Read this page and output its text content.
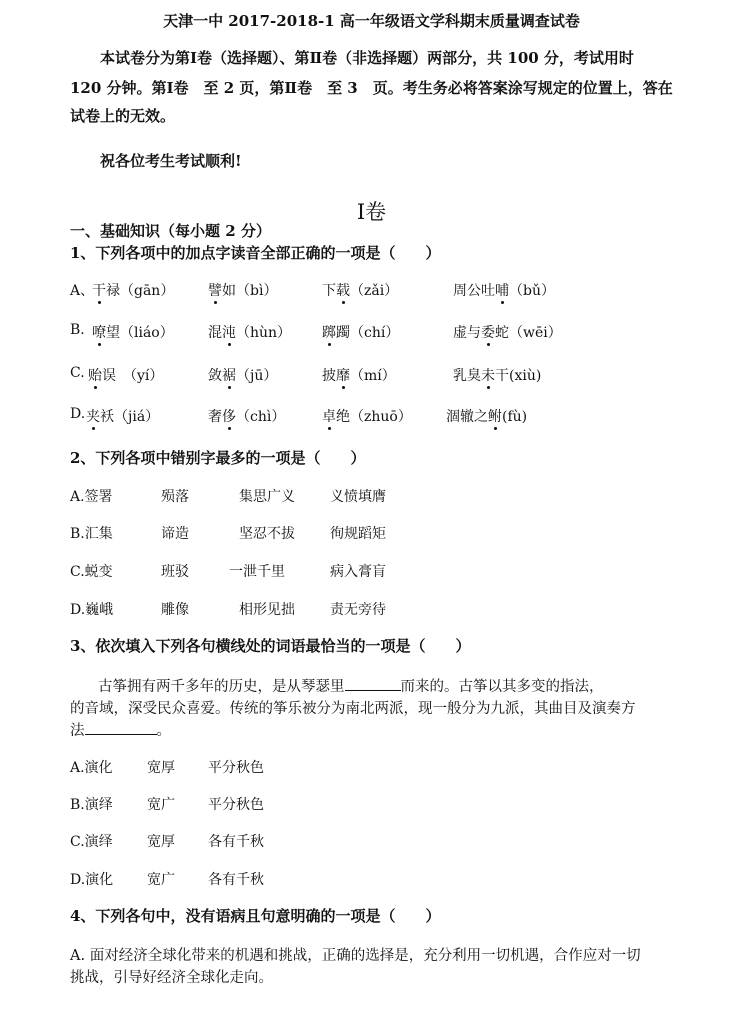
天津一中 2017-2018-1 高一年级语文学科期末质量调查试卷
本试卷分为第Ⅰ卷（选择题）、第Ⅱ卷（非选择题）两部分，共 100 分，考试用时
120 分钟。第Ⅰ卷　至 2 页，第Ⅱ卷　至 3　页。考生务必将答案涂写规定的位置上，答在
试卷上的无效。
祝各位考生考试顺利!
Ⅰ卷
一、基础知识（每小题 2 分）
1、下列各项中的加点字读音全部正确的一项是（　　）
A、
干禄（gān） 譬如（bì）	下载（zǎi）	周公吐哺（bǔ）
B. 嘹望（liáo） 混沌（hùn） 踯躅（chí）	虚与委蛇（wēi）
C. 贻误　（yí）	敛裾（jū）	披靡（mí）	乳臭未干(xiù)
D. 夹袄（jiá）	奢侈（chì）	卓绝（zhuō） 涸辙之鲋(fù)
2、下列各项中错别字最多的一项是（　　）
A.签署	殒落	集思广义	义愤填膺
B.汇集	谛造	坚忍不拔	徇规蹈矩
C.蜕变	班驳	一泄千里	病入膏肓
D.巍峨	雕像	相形见拙	责无旁待
3、依次填入下列各句横线处的词语最恰当的一项是（　　）
古筝拥有两千多年的历史，是从琴瑟里	而来的。古筝以其多变的指法，
的音域，深受民众喜爱。传统的筝乐被分为南北两派，现一般分为九派，其曲目及演奏方
法	。
A.演化 宽厚 平分秋色
B.演绎 宽广 平分秋色
C.演绎 宽厚 各有千秋
D.演化 宽广 各有千秋
4、下列各句中，没有语病且句意明确的一项是（　　）
A. 面对经济全球化带来的机遇和挑战，正确的选择是，充分利用一切机遇，合作应对一切
挑战，引导好经济全球化走向。
